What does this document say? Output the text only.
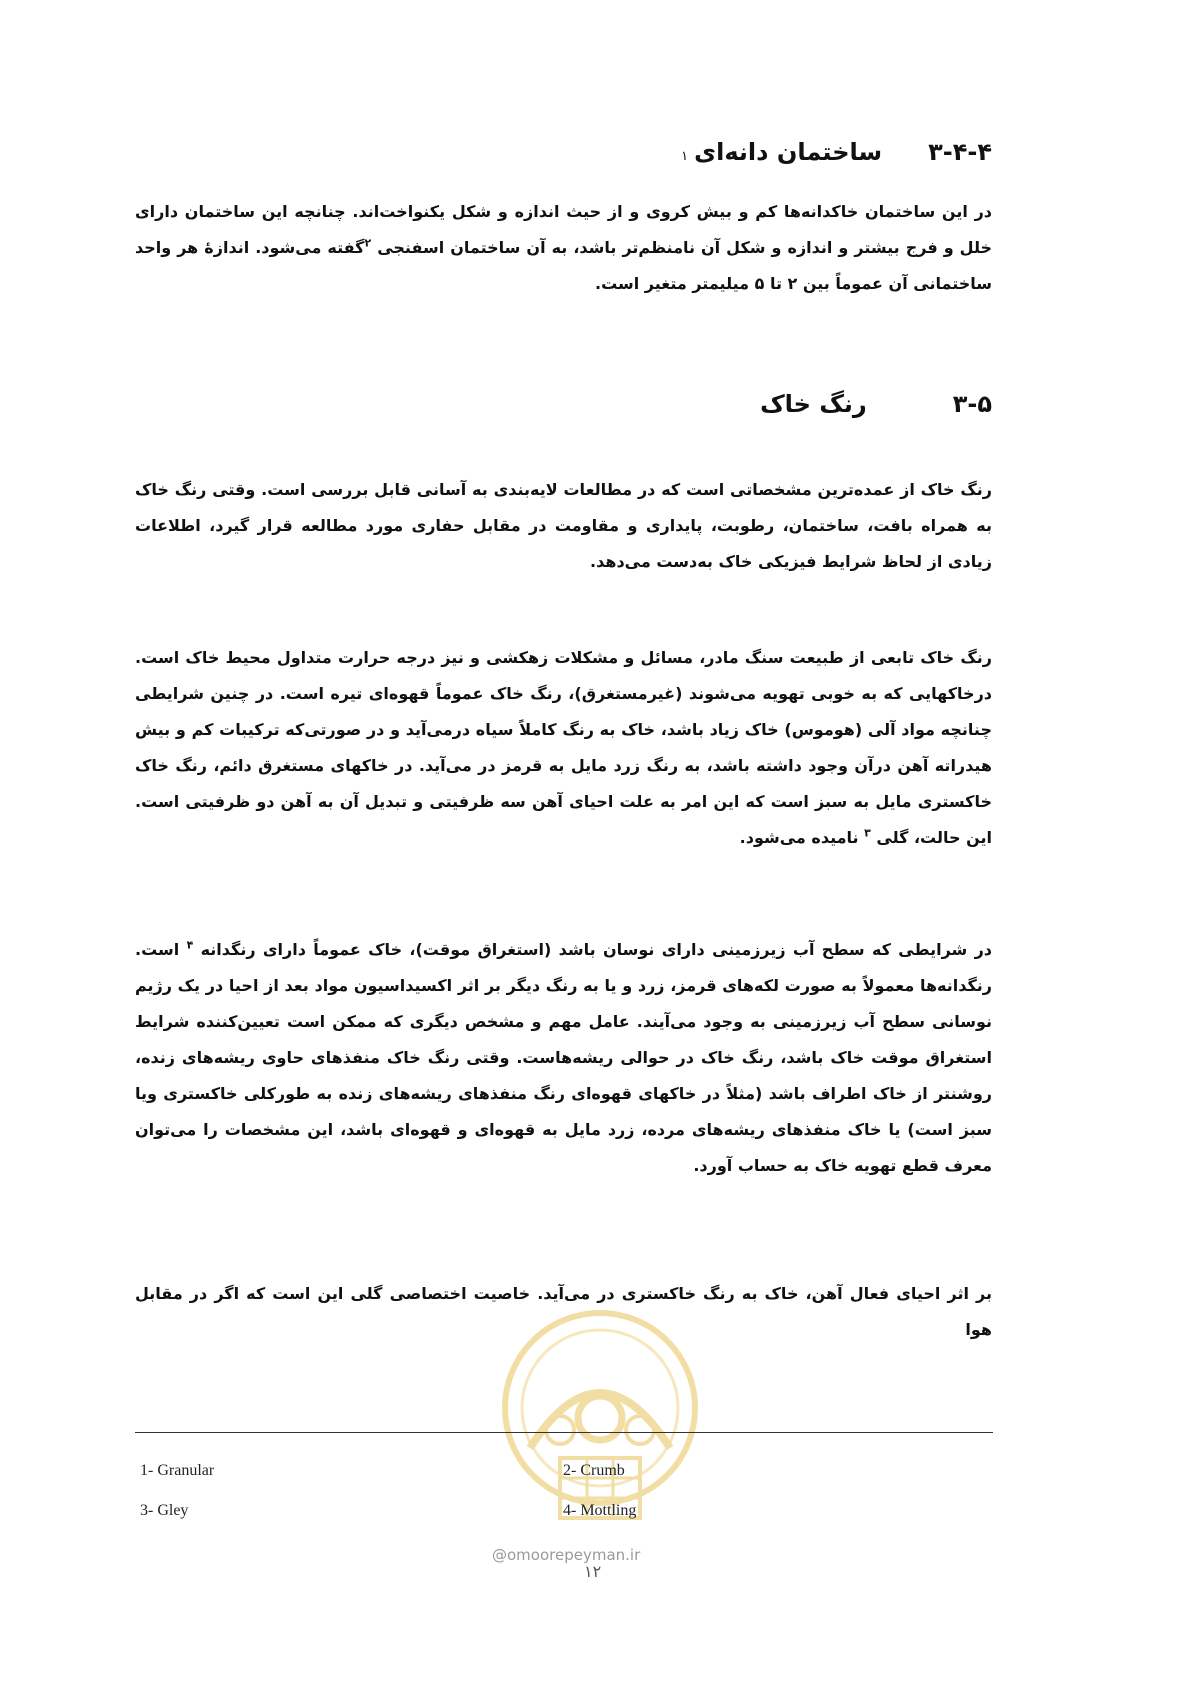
۳-۴-۴
ساختمان دانه‌ای
۱

در این ساختمان خاکدانه‌ها کم و بیش کروی و از حیث اندازه و شکل یکنواخت‌اند. چنانچه این ساختمان دارای خلل و فرج بیشتر و اندازه و شکل آن نامنظم‌تر باشد، به آن ساختمان اسفنجی $^۲$گفته می‌شود. اندازهٔ هر واحد ساختمانی آن عموماً بین ۲ تا ۵ میلیمتر متغیر است.

۳-۵
رنگ خاک

رنگ خاک از عمده‌ترین مشخصاتی است که در مطالعات لایه‌بندی به آسانی قابل بررسی است. وقتی رنگ خاک به همراه بافت، ساختمان، رطوبت، پایداری و مقاومت در مقابل حفاری مورد مطالعه قرار گیرد، اطلاعات زیادی از لحاظ شرایط فیزیکی خاک به‌دست می‌دهد.

رنگ خاک تابعی از طبیعت سنگ مادر، مسائل و مشکلات زهکشی و نیز درجه حرارت متداول محیط خاک است. درخاکهایی که به خوبی تهویه می‌شوند (غیرمستغرق)، رنگ خاک عموماً قهوه‌ای تیره است. در چنین شرایطی چنانچه مواد آلی (هوموس) خاک زیاد باشد، خاک به رنگ کاملاً سیاه درمی‌آید و در صورتی‌که ترکیبات کم و بیش هیدراته آهن درآن وجود داشته باشد، به رنگ زرد مایل به قرمز در می‌آید. در خاکهای مستغرق دائم، رنگ خاک خاکستری مایل به سبز است که این امر به علت احیای آهن سه ظرفیتی و تبدیل آن به آهن دو ظرفیتی است. این حالت، گلی $^۳$ نامیده می‌شود.

در شرایطی که سطح آب زیرزمینی دارای نوسان باشد (استغراق موقت)، خاک عموماً دارای رنگدانه $^۴$ است. رنگدانه‌ها معمولاً به صورت لکه‌های قرمز، زرد و یا به رنگ دیگر بر اثر اکسیداسیون مواد بعد از احیا در یک رژیم نوسانی سطح آب زیرزمینی به وجود می‌آیند. عامل مهم و مشخص دیگری که ممکن است تعیین‌کننده شرایط استغراق موقت خاک باشد، رنگ خاک در حوالی ریشه‌هاست. وقتی رنگ خاک منفذهای حاوی ریشه‌های زنده، روشنتر از خاک اطراف باشد (مثلاً در خاکهای قهوه‌ای رنگ منفذهای ریشه‌های زنده به طورکلی خاکستری ویا سبز است) یا خاک منفذهای ریشه‌های مرده، زرد مایل به قهوه‌ای و قهوه‌ای باشد، این مشخصات را می‌توان معرف قطع تهویه خاک به حساب آورد.

بر اثر احیای فعال آهن، خاک به رنگ خاکستری در می‌آید. خاصیت اختصاصی گلی این است که اگر در مقابل هوا

1- Granular	2- Crumb
3- Gley	4- Mottling
@omoorepeyman.ir
۱۲
